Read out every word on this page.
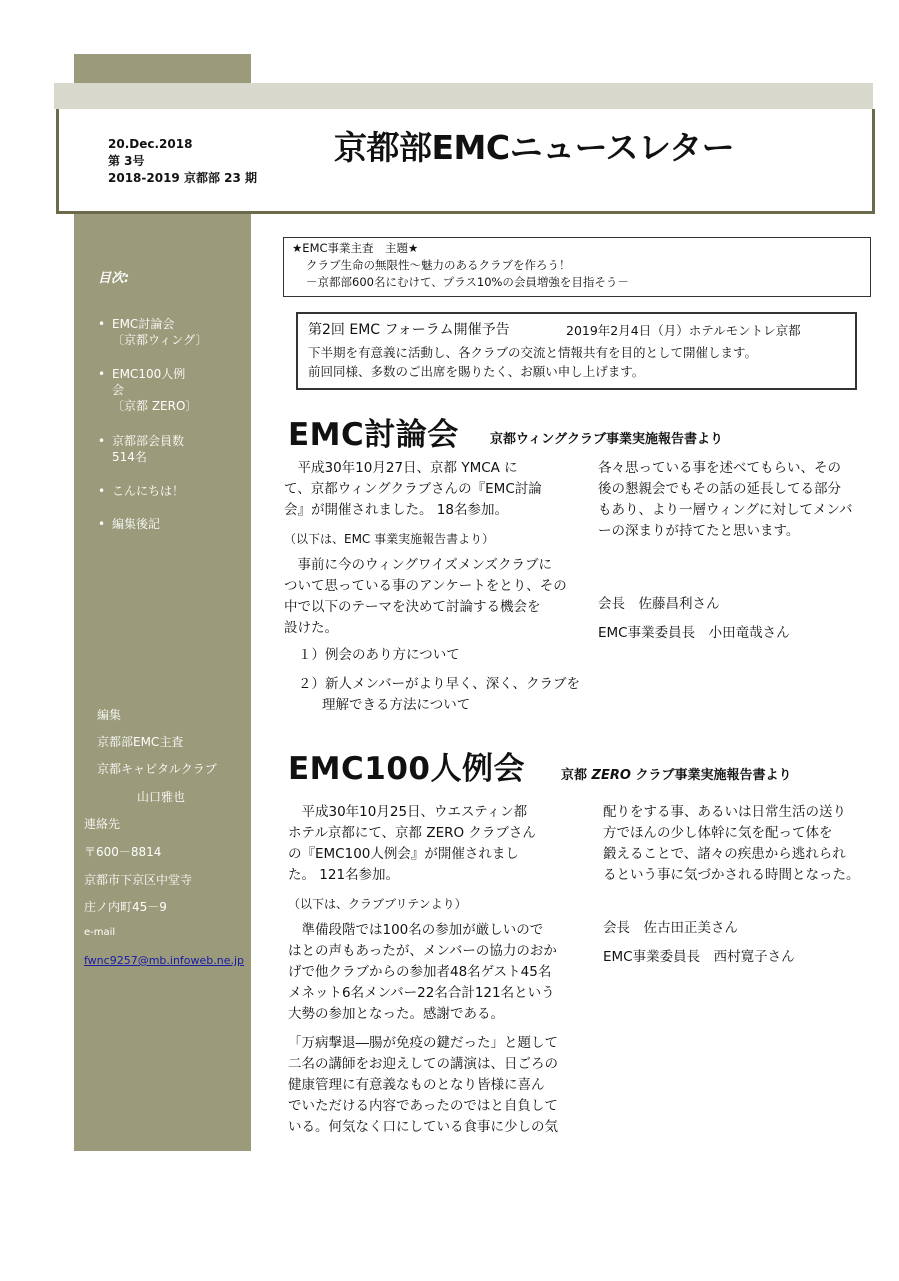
20.Dec.2018
第 3号
2018-2019 京都部 23 期
京都部EMCニュースレター
目次:
• EMC討論会
〔京都ウィング〕
• EMC100人例
会
〔京都 ZERO〕
• 京都部会員数
514名
• こんにちは！
• 編集後記
編集
京都部EMC主査
京都キャピタルクラブ
山口雅也
連絡先
〒600－8814
京都市下京区中堂寺
庄ノ内町45－9
e-mail
fwnc9257@mb.infoweb.ne.jp
★EMC事業主査　主題★
クラブ生命の無限性～魅力のあるクラブを作ろう！
－京都部600名にむけて、プラス10%の会員増強を目指そう－
第2回 EMC フォーラム開催予告	2019年2月4日（月）ホテルモントレ京都
下半期を有意義に活動し、各クラブの交流と情報共有を目的として開催します。
前回同様、多数のご出席を賜りたく、お願い申し上げます。
EMC討論会 京都ウィングクラブ事業実施報告書より

　平成30年10月27日、京都 YMCA に

て、京都ウィングクラブさんの『EMC討論

会』が開催されました。 18名参加。

（以下は、EMC 事業実施報告書より）

　事前に今のウィングワイズメンズクラブに

ついて思っている事のアンケートをとり、その

中で以下のテーマを決めて討論する機会を

設けた。

１）例会のあり方について

２）新人メンバーがより早く、深く、クラブを

理解できる方法について

各々思っている事を述べてもらい、その

後の懇親会でもその話の延長してる部分

もあり、より一層ウィングに対してメンバ

ーの深まりが持てたと思います。

会長　佐藤昌利さん

EMC事業委員長　小田竜哉さん

EMC100人例会	京都 ZERO クラブ事業実施報告書より

　平成30年10月25日、ウエスティン都

ホテル京都にて、京都 ZERO クラブさん

の『EMC100人例会』が開催されまし

た。 121名参加。

（以下は、クラブブリテンより）

　準備段階では100名の参加が厳しいので

はとの声もあったが、メンバーの協力のおか

げで他クラブからの参加者48名ゲスト45名

メネット6名メンバー22名合計121名という

大勢の参加となった。感謝である。

「万病撃退―腸が免疫の鍵だった」と題して

二名の講師をお迎えしての講演は、日ごろの

健康管理に有意義なものとなり皆様に喜ん

でいただける内容であったのではと自負して

いる。何気なく口にしている食事に少しの気

配りをする事、あるいは日常生活の送り

方でほんの少し体幹に気を配って体を

鍛えることで、諸々の疾患から逃れられ

るという事に気づかされる時間となった。

会長　佐古田正美さん

EMC事業委員長　西村寛子さん
